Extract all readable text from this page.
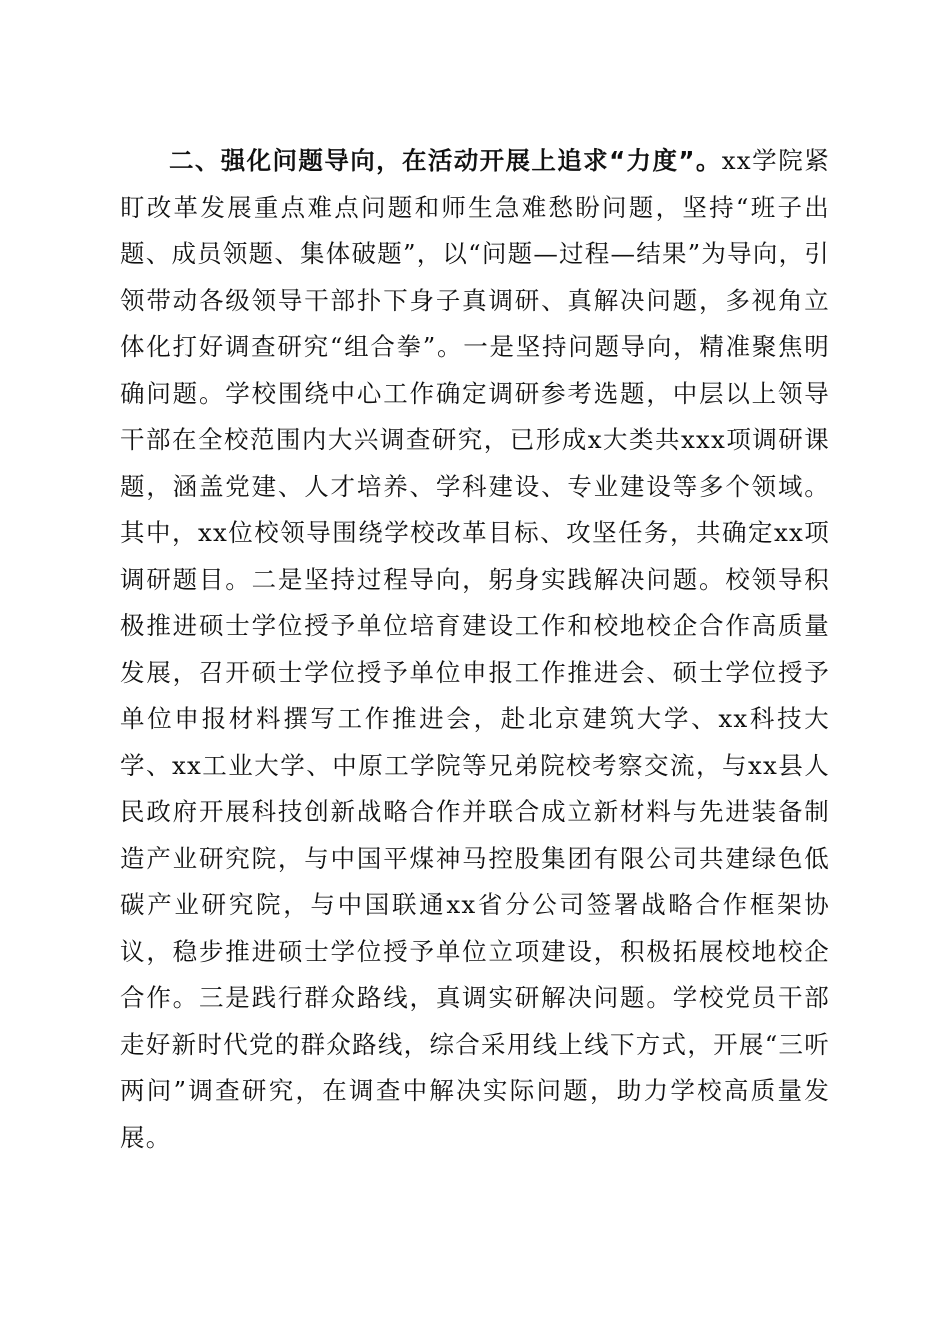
二、强化问题导向，在活动开展上追求“力度”。xx学院紧盯改革发展重点难点问题和师生急难愁盼问题，坚持“班子出题、成员领题、集体破题”，以“问题—过程—结果”为导向，引领带动各级领导干部扑下身子真调研、真解决问题，多视角立体化打好调查研究“组合拳”。一是坚持问题导向，精准聚焦明确问题。学校围绕中心工作确定调研参考选题，中层以上领导干部在全校范围内大兴调查研究，已形成x大类共xxx项调研课题，涵盖党建、人才培养、学科建设、专业建设等多个领域。其中，xx位校领导围绕学校改革目标、攻坚任务，共确定xx项调研题目。二是坚持过程导向，躬身实践解决问题。校领导积极推进硕士学位授予单位培育建设工作和校地校企合作高质量发展，召开硕士学位授予单位申报工作推进会、硕士学位授予单位申报材料撰写工作推进会，赴北京建筑大学、xx科技大学、xx工业大学、中原工学院等兄弟院校考察交流，与xx县人民政府开展科技创新战略合作并联合成立新材料与先进装备制造产业研究院，与中国平煤神马控股集团有限公司共建绿色低碳产业研究院，与中国联通xx省分公司签署战略合作框架协议，稳步推进硕士学位授予单位立项建设，积极拓展校地校企合作。三是践行群众路线，真调实研解决问题。学校党员干部走好新时代党的群众路线，综合采用线上线下方式，开展“三听两问”调查研究，在调查中解决实际问题，助力学校高质量发展。
